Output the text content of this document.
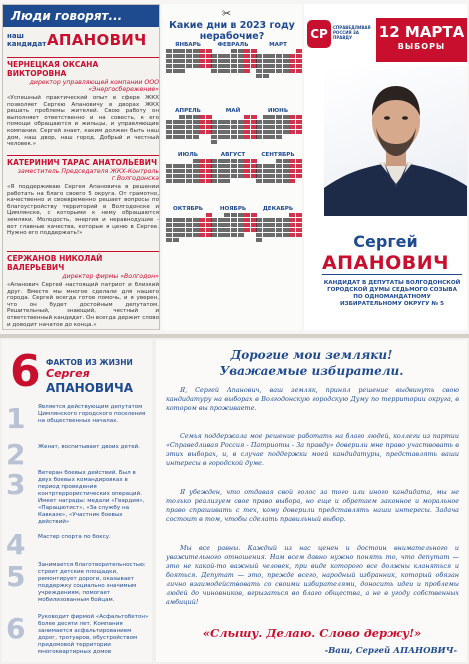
Люди говорят...
наш кандидат АПАНОВИЧ
ЧЕРНЕЦКАЯ ОКСАНА ВИКТОРОВНА
директор управляющей компании ООО «Энергосбережение»
«Успешный практический опыт в сфере ЖКХ позволяет Сергею Апановичу в дворах ЖКХ решать проблемы жителей. Свою работу он выполняет ответственно и на совесть, к его помощи обращаются и жильцы, и управляющие компании. Сергей знает, каким должен быть наш дом, наш двор, наш город. Добрый и честный человек.»
КАТЕРИНИЧ ТАРАС АНАТОЛЬЕВИЧ
заместитель Председателя ЖКХ-Контроль г.Волгодонска
«Я поддерживаю Сергея Апановича в решении работать на благо своего 5 округа. От грамотно, качественно и своевременно решает вопросы по благоустройству территорий в Волгодонске и Цимлянске, с которыми к нему обращаются земляки. Молодость, энергия и неравнодушие - вот главные качества, которые я ценю в Сергее. Нужно его поддержать!»
СЕРЖАНОВ НИКОЛАЙ ВАЛЕРЬЕВИЧ
директор фирмы «Волгодон»
«Апанович Сергей настоящий патриот и близкий друг. Вместе мы многое сделали для нашего города. Сергей всегда готов помочь, и я уверен, что он будет достойным депутатом. Решительный, знающий, честный и ответственный кандидат. Он всегда держит слово и доводит начатое до конца.»
✂
Какие дни в 2023 году нерабочие?
ЯНВАРЬ	ФЕВРАЛЬ	МАРТ
АПРЕЛЬ	МАЙ	ИЮНЬ
ИЮЛЬ	АВГУСТ	СЕНТЯБРЬ
ОКТЯБРЬ	НОЯБРЬ	ДЕКАБРЬ
СР	СПРАВЕДЛИВАЯ РОССИЯ ЗА ПРАВДУ	12 МАРТА
ВЫБОРЫ
Сергей
АПАНОВИЧ
КАНДИДАТ В ДЕПУТАТЫ ВОЛГОДОНСКОЙ ГОРОДСКОЙ ДУМЫ СЕДЬМОГО СОЗЫВА ПО ОДНОМАНДАТНОМУ ИЗБИРАТЕЛЬНОМУ ОКРУГУ № 5
6 ФАКТОВ ИЗ ЖИЗНИ
Сергея
АПАНОВИЧА
1 Является действующим депутатом Цимлянского городского поселения на общественных началах.
2 Женат, воспитывает двоих детей.
3 Ветеран боевых действий. Был в двух боевых командировках в период проведения контртеррористических операций. Имеет награды: медали «Гвардия», «Паращютист», «За службу на Кавказе», «Участник боевых действий»
4 Мастер спорта по боксу.
5 Занимается благотворительностью: строит детские площадки, ремонтирует дороги, оказывает поддержку социально значимым учреждениям, помогает мобилизованным бойцам.
6 Руководит фирмой «Асфальтобетон» более десяти лет. Компания занимается асфальтированием дорог, тротуаров, обустройством придомовой территории многоквартирных домов
Дорогие мои земляки!
Уважаемые избиратели.
Я, Сергей Апанович, ваш земляк, принял решение выдвинуть свою кандидатуру на выборах в Волгодонскую городскую Думу по территории округа, в котором вы проживаете.
Семья поддержала мое решение работать на благо людей, коллеги из партии «Справедливая Россия - Патриоты - За правду» доверили мне право участвовать в этих выборах, и, в случае поддержки моей кандидатуры, представлять ваши интересы в городской думе.
Я убежден, что отдавая свой голос за того или иного кандидата, мы не только реализуем свое право выбора, но еще и обретаем законное и моральное право спрашивать с тех, кому доверили представлять наши интересы. Задача состоит в том, чтобы сделать правильный выбор.
Мы все равны. Каждый из нас ценен и достоин внимательного и уважительного отношения. Нам всем давно нужно понять то, что депутат — это не какой-то важный человек, при виде которого все должны кланяться и бояться. Депутат — это, прежде всего, народный избранник, который обязан лично взаимодействовать со своими избирателями, доносить идеи и проблемы людей до чиновников, вгрызаться во благо общества, а не в угоду собственных амбиций!
«Слышу. Делаю. Слово держу!»
-Ваш, Сергей АПАНОВИЧ-
